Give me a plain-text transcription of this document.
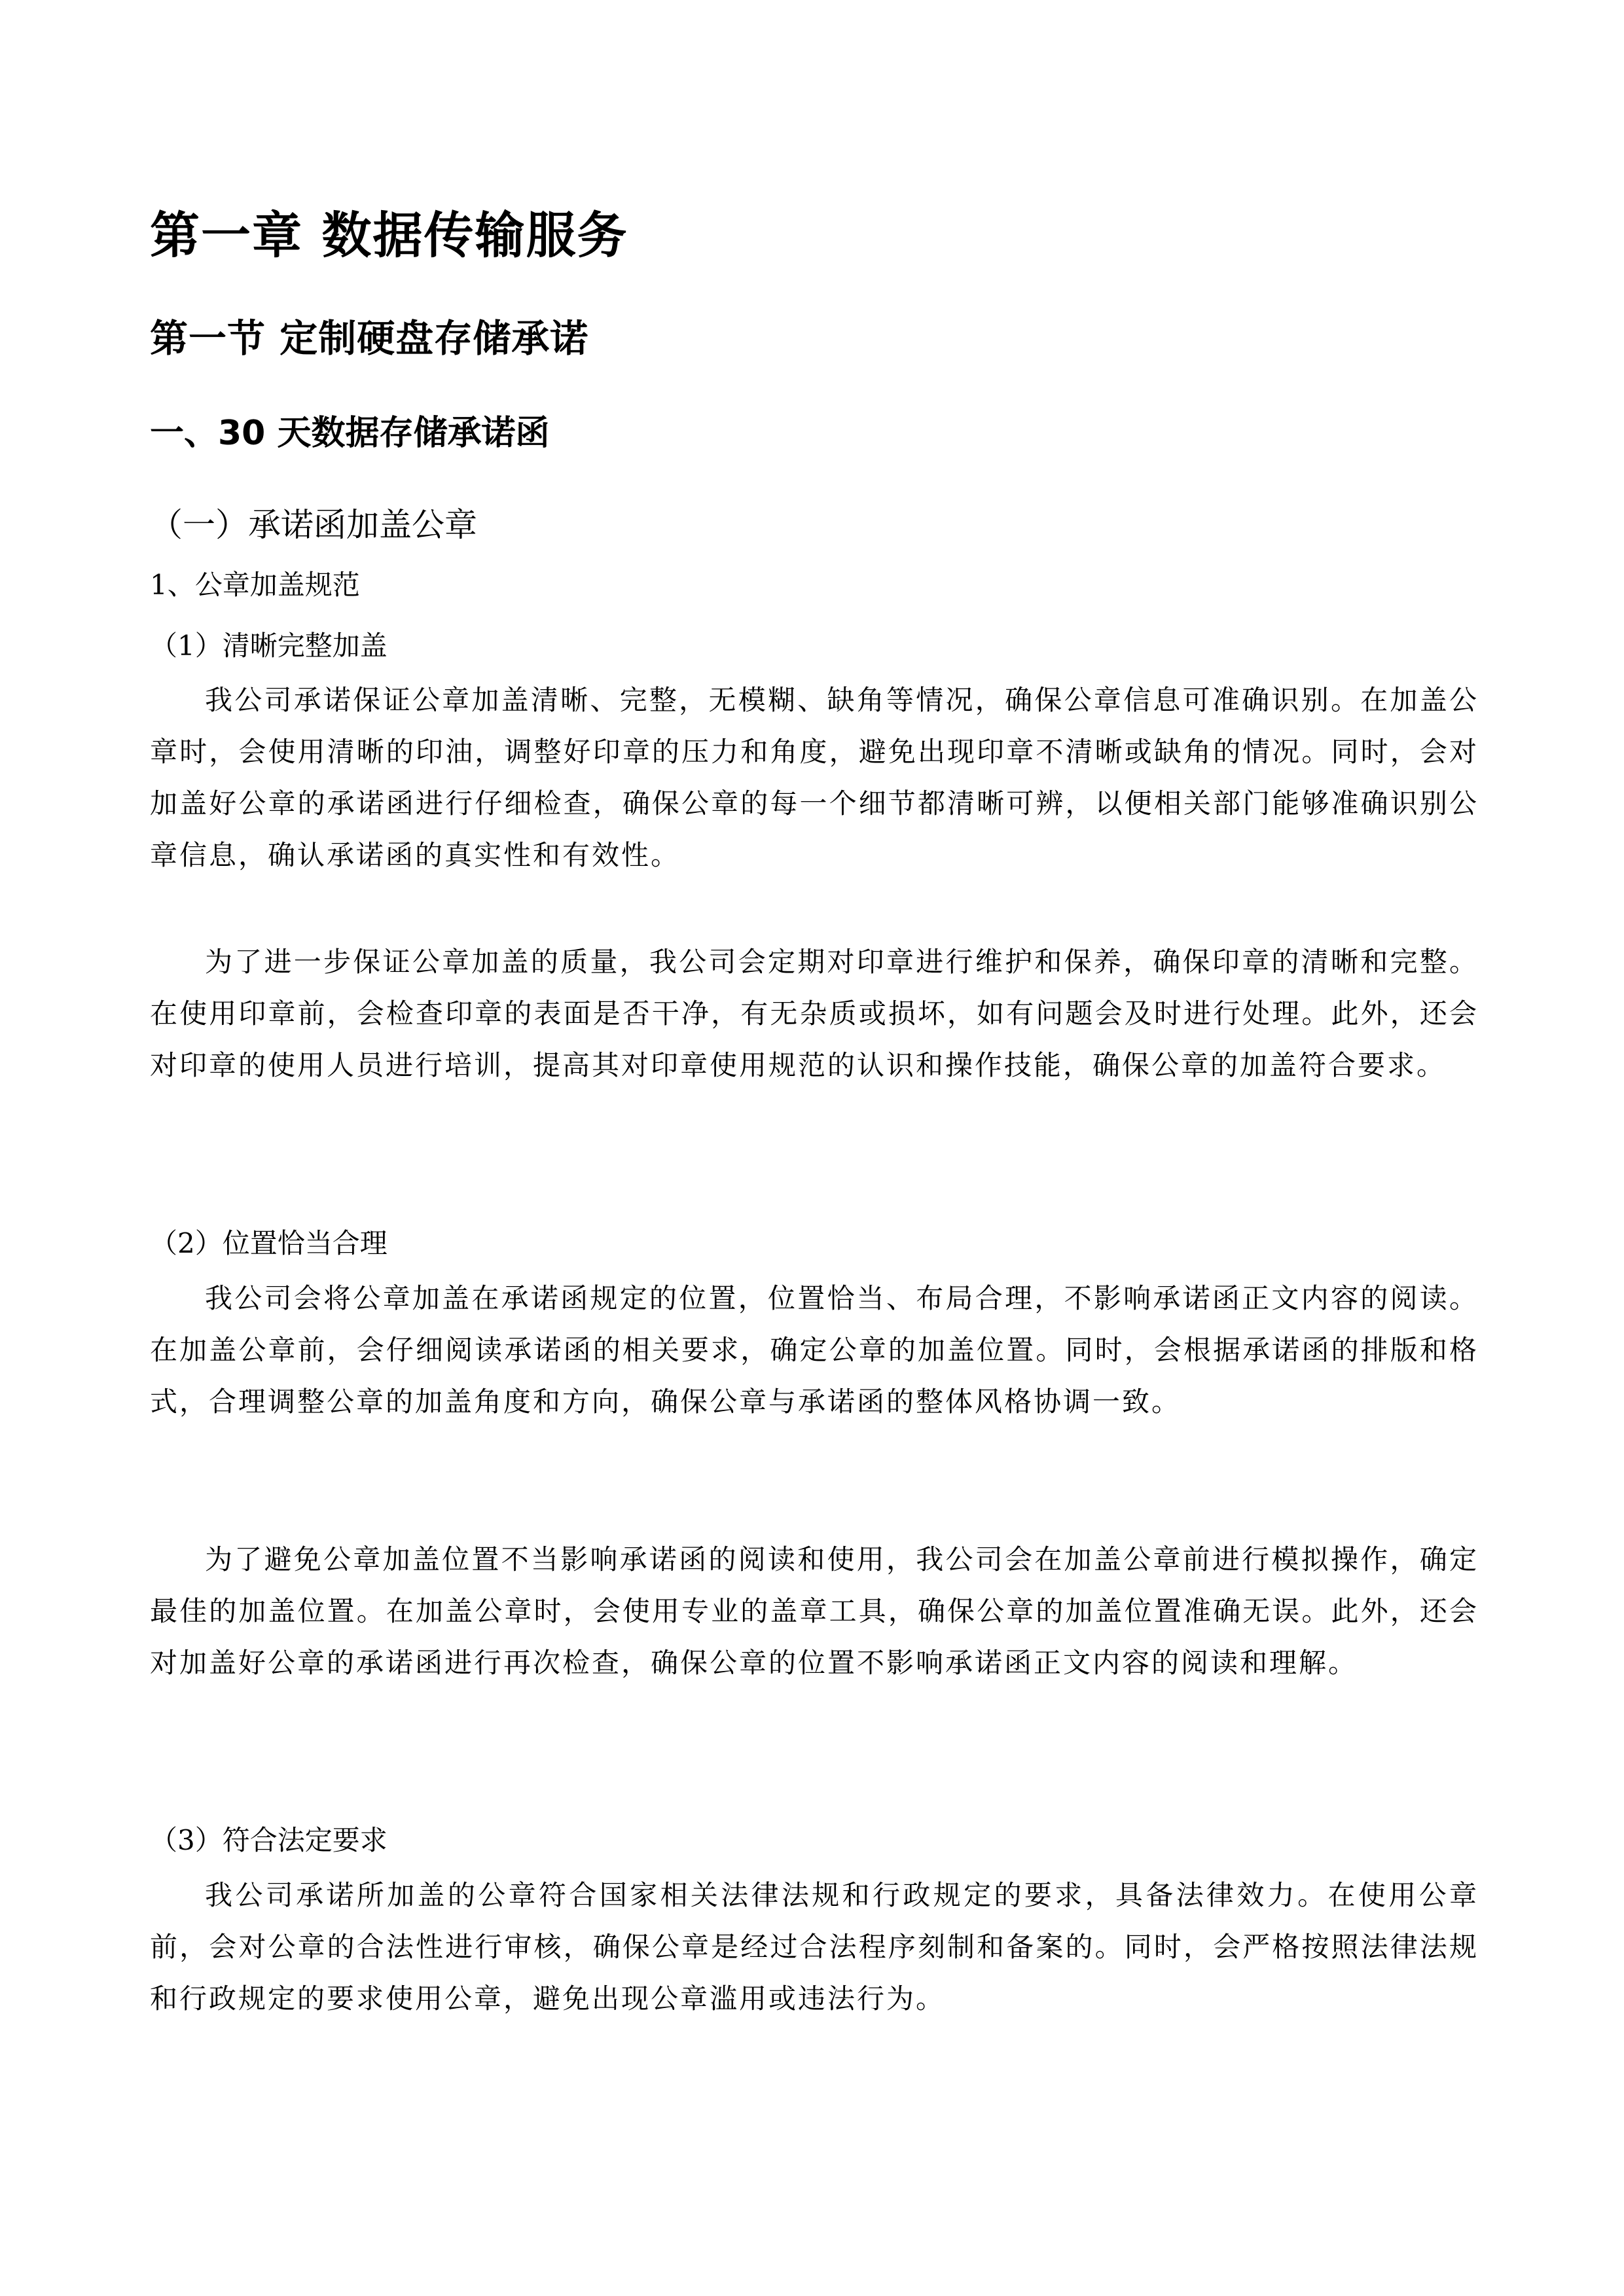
第一章 数据传输服务
第一节 定制硬盘存储承诺
一、30 天数据存储承诺函
（一）承诺函加盖公章
1、公章加盖规范
（1）清晰完整加盖
我公司承诺保证公章加盖清晰、完整，无模糊、缺角等情况，确保公章信息可准确识别。在加盖公章时，会使用清晰的印油，调整好印章的压力和角度，避免出现印章不清晰或缺角的情况。同时，会对加盖好公章的承诺函进行仔细检查，确保公章的每一个细节都清晰可辨，以便相关部门能够准确识别公章信息，确认承诺函的真实性和有效性。
为了进一步保证公章加盖的质量，我公司会定期对印章进行维护和保养，确保印章的清晰和完整。在使用印章前，会检查印章的表面是否干净，有无杂质或损坏，如有问题会及时进行处理。此外，还会对印章的使用人员进行培训，提高其对印章使用规范的认识和操作技能，确保公章的加盖符合要求。
（2）位置恰当合理
我公司会将公章加盖在承诺函规定的位置，位置恰当、布局合理，不影响承诺函正文内容的阅读。在加盖公章前，会仔细阅读承诺函的相关要求，确定公章的加盖位置。同时，会根据承诺函的排版和格式，合理调整公章的加盖角度和方向，确保公章与承诺函的整体风格协调一致。
为了避免公章加盖位置不当影响承诺函的阅读和使用，我公司会在加盖公章前进行模拟操作，确定最佳的加盖位置。在加盖公章时，会使用专业的盖章工具，确保公章的加盖位置准确无误。此外，还会对加盖好公章的承诺函进行再次检查，确保公章的位置不影响承诺函正文内容的阅读和理解。
（3）符合法定要求
我公司承诺所加盖的公章符合国家相关法律法规和行政规定的要求，具备法律效力。在使用公章前，会对公章的合法性进行审核，确保公章是经过合法程序刻制和备案的。同时，会严格按照法律法规和行政规定的要求使用公章，避免出现公章滥用或违法行为。
